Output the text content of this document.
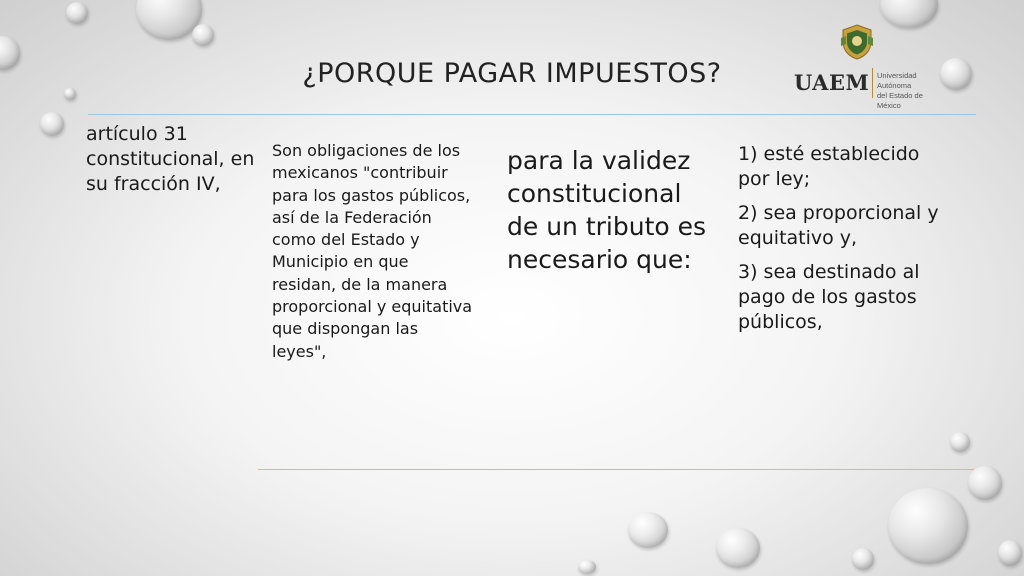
¿PORQUE PAGAR IMPUESTOS?	UAEM Universidad Autónoma
del Estado de México
artículo 31 constitucional, en su fracción IV,
Son obligaciones de los mexicanos "contribuir para los gastos públicos, así de la Federación como del Estado y Municipio en que residan, de la manera proporcional y equitativa que dispongan las leyes",
para la validez constitucional de un tributo es necesario que:
1) esté establecido por ley;
2) sea proporcional y equitativo y,
3) sea destinado al pago de los gastos públicos,
